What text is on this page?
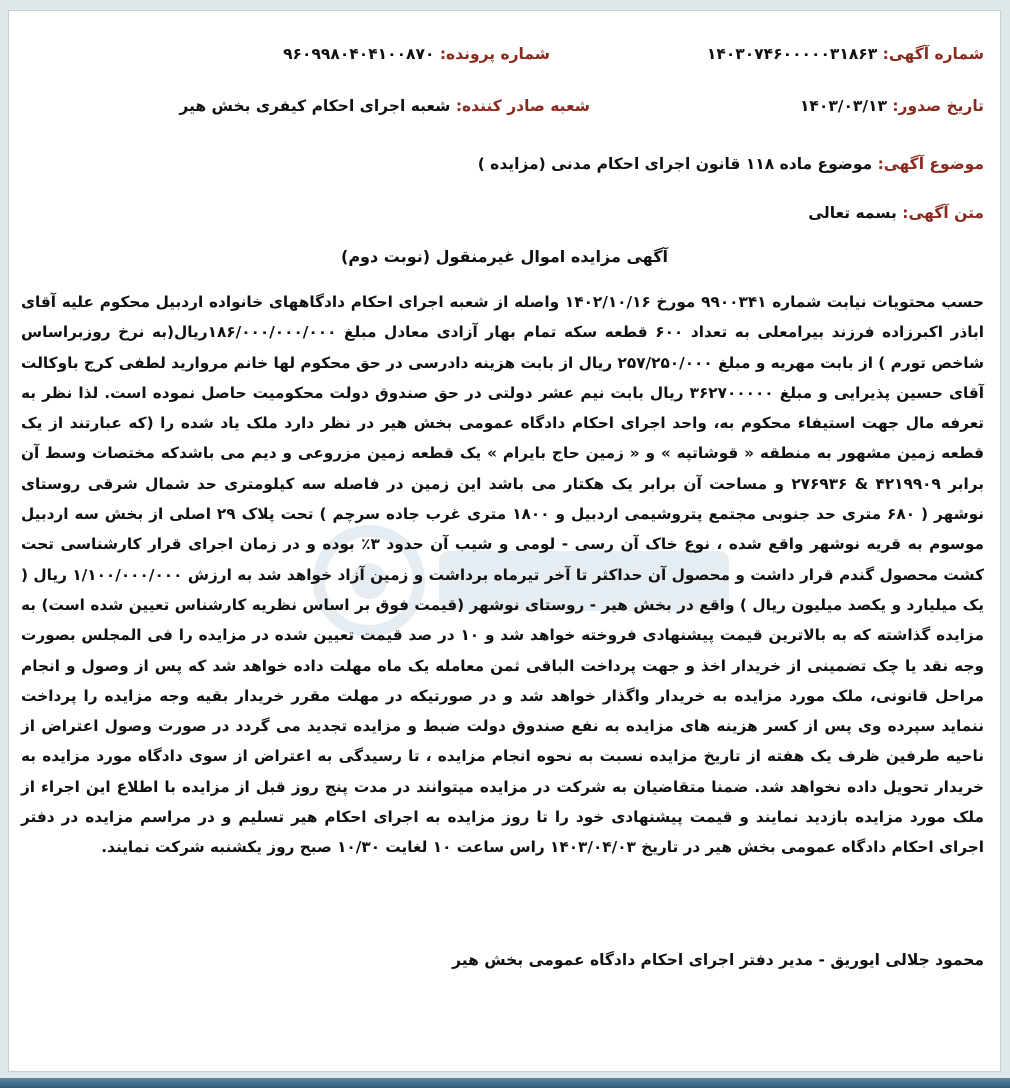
شماره آگهی: ۱۴۰۳۰۷۴۶۰۰۰۰۰۳۱۸۶۳
شماره پرونده: ۹۶۰۹۹۸۰۴۰۴۱۰۰۸۷۰
تاریخ صدور: ۱۴۰۳/۰۳/۱۳
شعبه صادر کننده: شعبه اجرای احکام کیفری بخش هیر
موضوع آگهی: موضوع ماده ۱۱۸ قانون اجرای احکام مدنی (مزایده )
متن آگهی: بسمه تعالی
آگهی مزایده اموال غیرمنقول (نوبت دوم)
حسب محتویات نیابت شماره ۹۹۰۰۳۴۱ مورخ ۱۴۰۲/۱۰/۱۶ واصله از شعبه اجرای احکام دادگاههای خانواده اردبیل محکوم علیه آقای اباذر اکبرزاده فرزند بیرامعلی به تعداد ۶۰۰ قطعه سکه تمام بهار آزادی معادل مبلغ ۱۸۶/۰۰۰/۰۰۰/۰۰۰ریال(به نرخ روزبراساس شاخص تورم ) از بابت مهریه و مبلغ ۲۵۷/۲۵۰/۰۰۰ ریال از بابت هزینه دادرسی در حق محکوم لها خانم مروارید لطفی کرج باوکالت آقای حسین پذیرایی و مبلغ ۳۶۲۷۰۰۰۰۰ ریال بابت نیم عشر دولتی در حق صندوق دولت محکومیت حاصل نموده است. لذا نظر به تعرفه مال جهت استیفاء محکوم به، واحد اجرای احکام دادگاه عمومی بخش هیر در نظر دارد ملک یاد شده را (که عبارتند از یک قطعه زمین مشهور به منطقه « قوشاتپه » و « زمین حاج بایرام » یک قطعه زمین مزروعی و دیم می باشدکه مختصات وسط آن برابر ۴۲۱۹۹۰۹ & ۲۷۶۹۳۶ و مساحت آن برابر یک هکتار می باشد این زمین در فاصله سه کیلومتری حد شمال شرقی روستای نوشهر ( ۶۸۰ متری حد جنوبی مجتمع پتروشیمی اردبیل و ۱۸۰۰ متری غرب جاده سرچم ) تحت پلاک ۲۹ اصلی از بخش سه اردبیل موسوم به قریه نوشهر واقع شده ، نوع خاک آن رسی - لومی و شیب آن حدود ۳٪ بوده و در زمان اجرای قرار کارشناسی تحت کشت محصول گندم قرار داشت و محصول آن حداکثر تا آخر تیرماه برداشت و زمین آزاد خواهد شد به ارزش ۱/۱۰۰/۰۰۰/۰۰۰ ریال ( یک میلیارد و یکصد میلیون ریال ) واقع در بخش هیر - روستای نوشهر (قیمت فوق بر اساس نظریه کارشناس تعیین شده است) به مزایده گذاشته که به بالاترین قیمت پیشنهادی فروخته خواهد شد و ۱۰ در صد قیمت تعیین شده در مزایده را فی المجلس بصورت وجه نقد یا چک تضمینی از خریدار اخذ و جهت پرداخت الباقی ثمن معامله یک ماه مهلت داده خواهد شد که پس از وصول و انجام مراحل قانونی، ملک مورد مزایده به خریدار واگذار خواهد شد و در صورتیکه در مهلت مقرر خریدار بقیه وجه مزایده را پرداخت ننماید سپرده وی پس از کسر هزینه های مزایده به نفع صندوق دولت ضبط و مزایده تجدید می گردد در صورت وصول اعتراض از ناحیه طرفین ظرف یک هفته از تاریخ مزایده نسبت به نحوه انجام مزایده ، تا رسیدگی به اعتراض از سوی دادگاه مورد مزایده به خریدار تحویل داده نخواهد شد. ضمنا متقاضیان به شرکت در مزایده میتوانند در مدت پنج روز قبل از مزایده با اطلاع این اجراء از ملک مورد مزایده بازدید نمایند و قیمت پیشنهادی خود را تا روز مزایده به اجرای احکام هیر تسلیم و در مراسم مزایده در دفتر اجرای احکام دادگاه عمومی بخش هیر در تاریخ ۱۴۰۳/۰۴/۰۳ راس ساعت ۱۰ لغایت ۱۰/۳۰ صبح روز یکشنبه شرکت نمایند.
محمود جلالی ایوریق - مدیر دفتر اجرای احکام دادگاه عمومی بخش هیر
